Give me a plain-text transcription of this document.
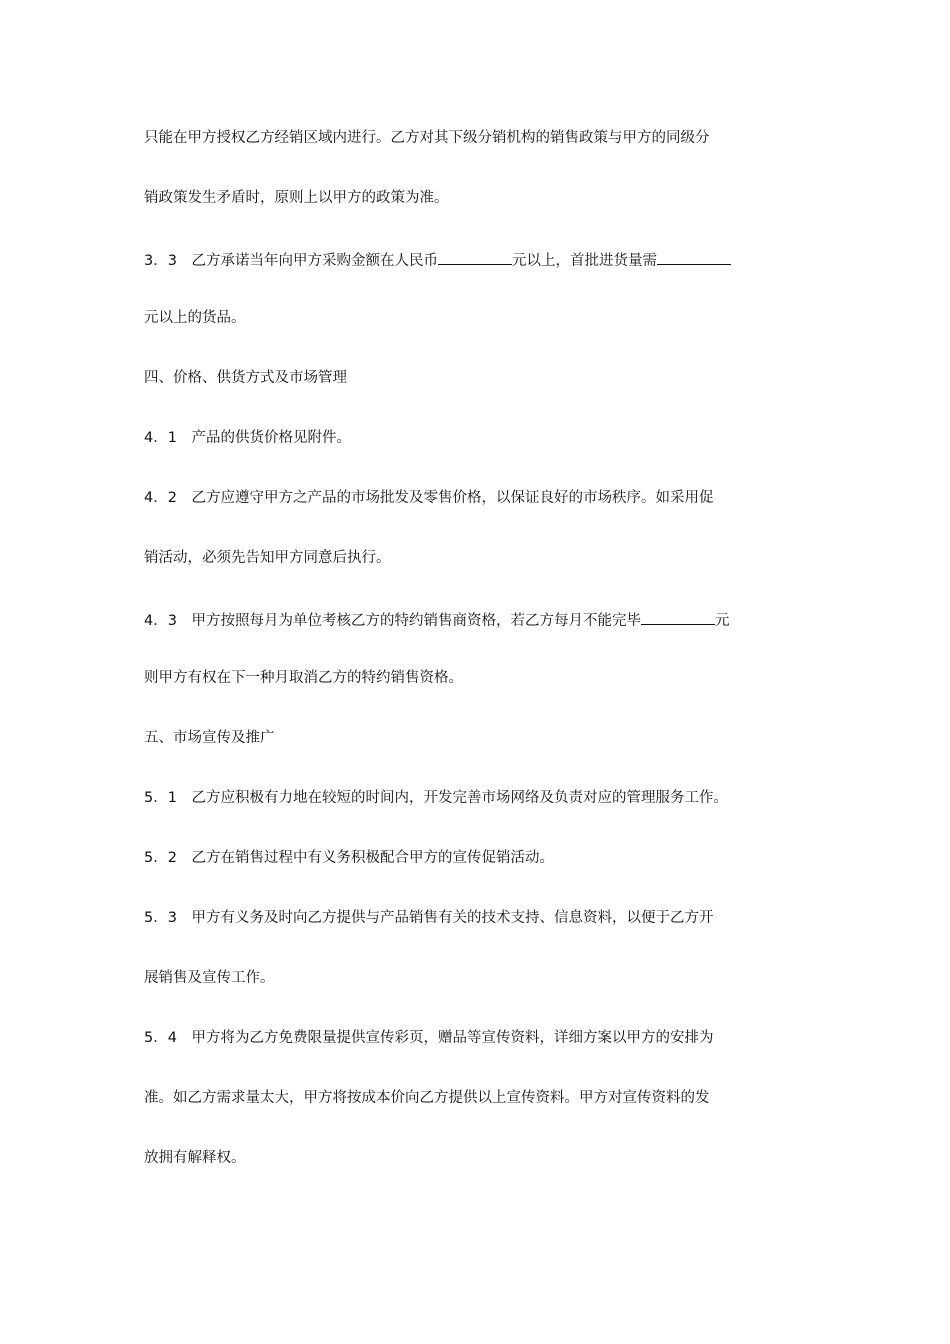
只能在甲方授权乙方经销区域内进行。乙方对其下级分销机构的销售政策与甲方的同级分
销政策发生矛盾时，原则上以甲方的政策为准。
3．3　乙方承诺当年向甲方采购金额在人民币	元以上，首批进货量需
元以上的货品。
四、价格、供货方式及市场管理
4．1　产品的供货价格见附件。
4．2　乙方应遵守甲方之产品的市场批发及零售价格，以保证良好的市场秩序。如采用促
销活动，必须先告知甲方同意后执行。
4．3　甲方按照每月为单位考核乙方的特约销售商资格，若乙方每月不能完毕	元
则甲方有权在下一种月取消乙方的特约销售资格。
五、市场宣传及推广
5．1　乙方应积极有力地在较短的时间内，开发完善市场网络及负责对应的管理服务工作。
5．2　乙方在销售过程中有义务积极配合甲方的宣传促销活动。
5．3　甲方有义务及时向乙方提供与产品销售有关的技术支持、信息资料，以便于乙方开
展销售及宣传工作。
5．4　甲方将为乙方免费限量提供宣传彩页，赠品等宣传资料，详细方案以甲方的安排为
准。如乙方需求量太大，甲方将按成本价向乙方提供以上宣传资料。甲方对宣传资料的发
放拥有解释权。
